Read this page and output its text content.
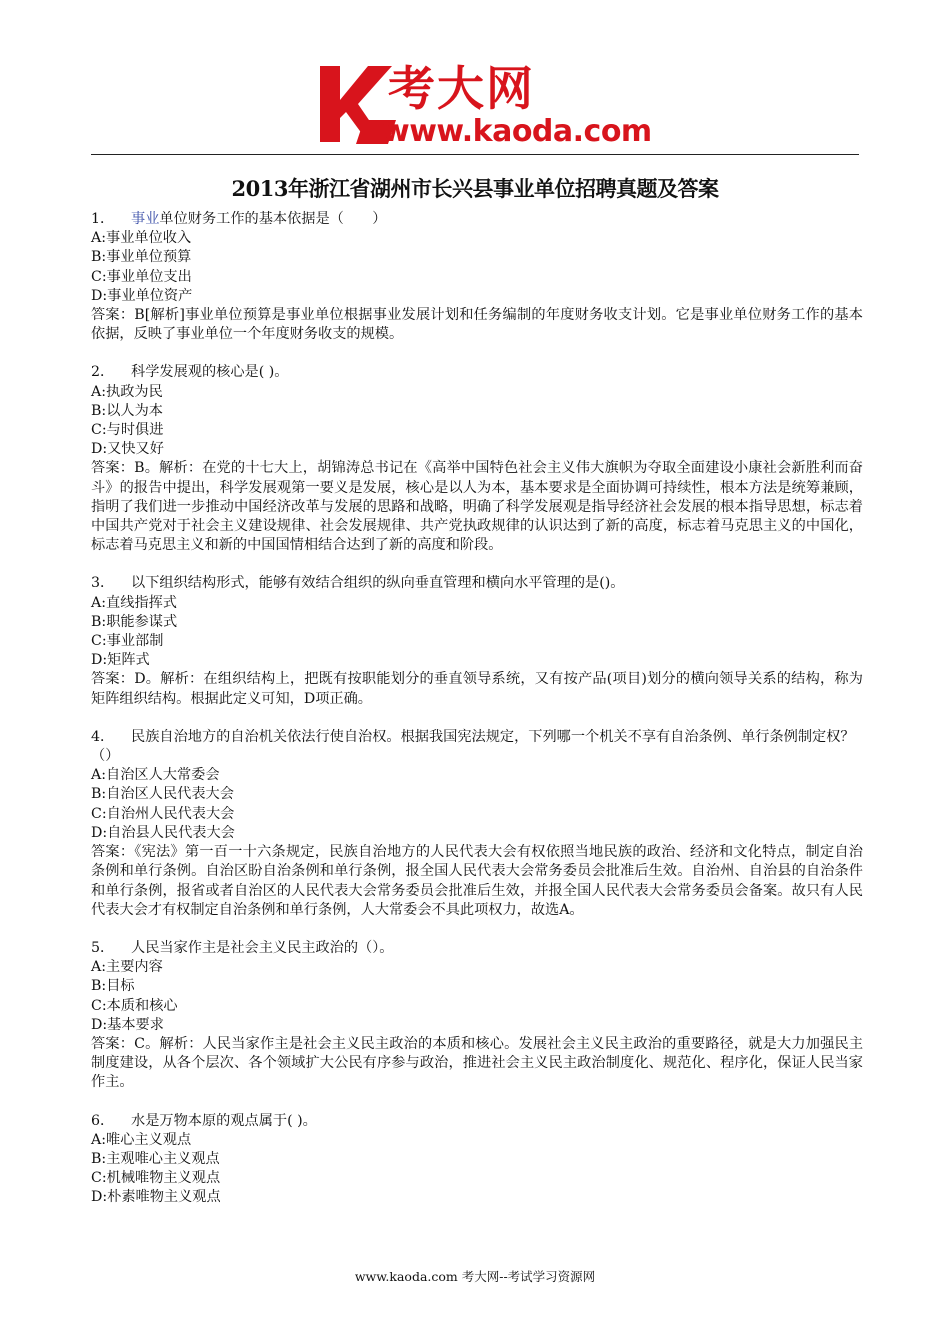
考大网
www.kaoda.com
2013年浙江省湖州市长兴县事业单位招聘真题及答案
1． 事业单位财务工作的基本依据是（　　）
A:事业单位收入
B:事业单位预算
C:事业单位支出
D:事业单位资产
答案：B[解析]事业单位预算是事业单位根据事业发展计划和任务编制的年度财务收支计划。它是事业单位财务工作的基本依据，反映了事业单位一个年度财务收支的规模。
2． 科学发展观的核心是( )。
A:执政为民
B:以人为本
C:与时俱进
D:又快又好
答案：B。解析：在党的十七大上，胡锦涛总书记在《高举中国特色社会主义伟大旗帜为夺取全面建设小康社会新胜利而奋斗》的报告中提出，科学发展观第一要义是发展，核心是以人为本，基本要求是全面协调可持续性，根本方法是统筹兼顾，指明了我们进一步推动中国经济改革与发展的思路和战略，明确了科学发展观是指导经济社会发展的根本指导思想，标志着中国共产党对于社会主义建设规律、社会发展规律、共产党执政规律的认识达到了新的高度，标志着马克思主义的中国化，标志着马克思主义和新的中国国情相结合达到了新的高度和阶段。
3． 以下组织结构形式，能够有效结合组织的纵向垂直管理和横向水平管理的是()。
A:直线指挥式
B:职能参谋式
C:事业部制
D:矩阵式
答案：D。解析：在组织结构上，把既有按职能划分的垂直领导系统，又有按产品(项目)划分的横向领导关系的结构，称为矩阵组织结构。根据此定义可知，D项正确。
4． 民族自治地方的自治机关依法行使自治权。根据我国宪法规定，下列哪一个机关不享有自治条例、单行条例制定权？（）
A:自治区人大常委会
B:自治区人民代表大会
C:自治州人民代表大会
D:自治县人民代表大会
答案：《宪法》第一百一十六条规定，民族自治地方的人民代表大会有权依照当地民族的政治、经济和文化特点，制定自治条例和单行条例。自治区盼自治条例和单行条例，报全国人民代表大会常务委员会批准后生效。自治州、自治县的自治条件和单行条例，报省或者自治区的人民代表大会常务委员会批准后生效，并报全国人民代表大会常务委员会备案。故只有人民代表大会才有权制定自治条例和单行条例，人大常委会不具此项权力，故选A。
5． 人民当家作主是社会主义民主政治的（）。
A:主要内容
B:目标
C:本质和核心
D:基本要求
答案：C。解析：人民当家作主是社会主义民主政治的本质和核心。发展社会主义民主政治的重要路径，就是大力加强民主制度建设，从各个层次、各个领域扩大公民有序参与政治，推进社会主义民主政治制度化、规范化、程序化，保证人民当家作主。
6． 水是万物本原的观点属于( )。
A:唯心主义观点
B:主观唯心主义观点
C:机械唯物主义观点
D:朴素唯物主义观点
www.kaoda.com 考大网--考试学习资源网
